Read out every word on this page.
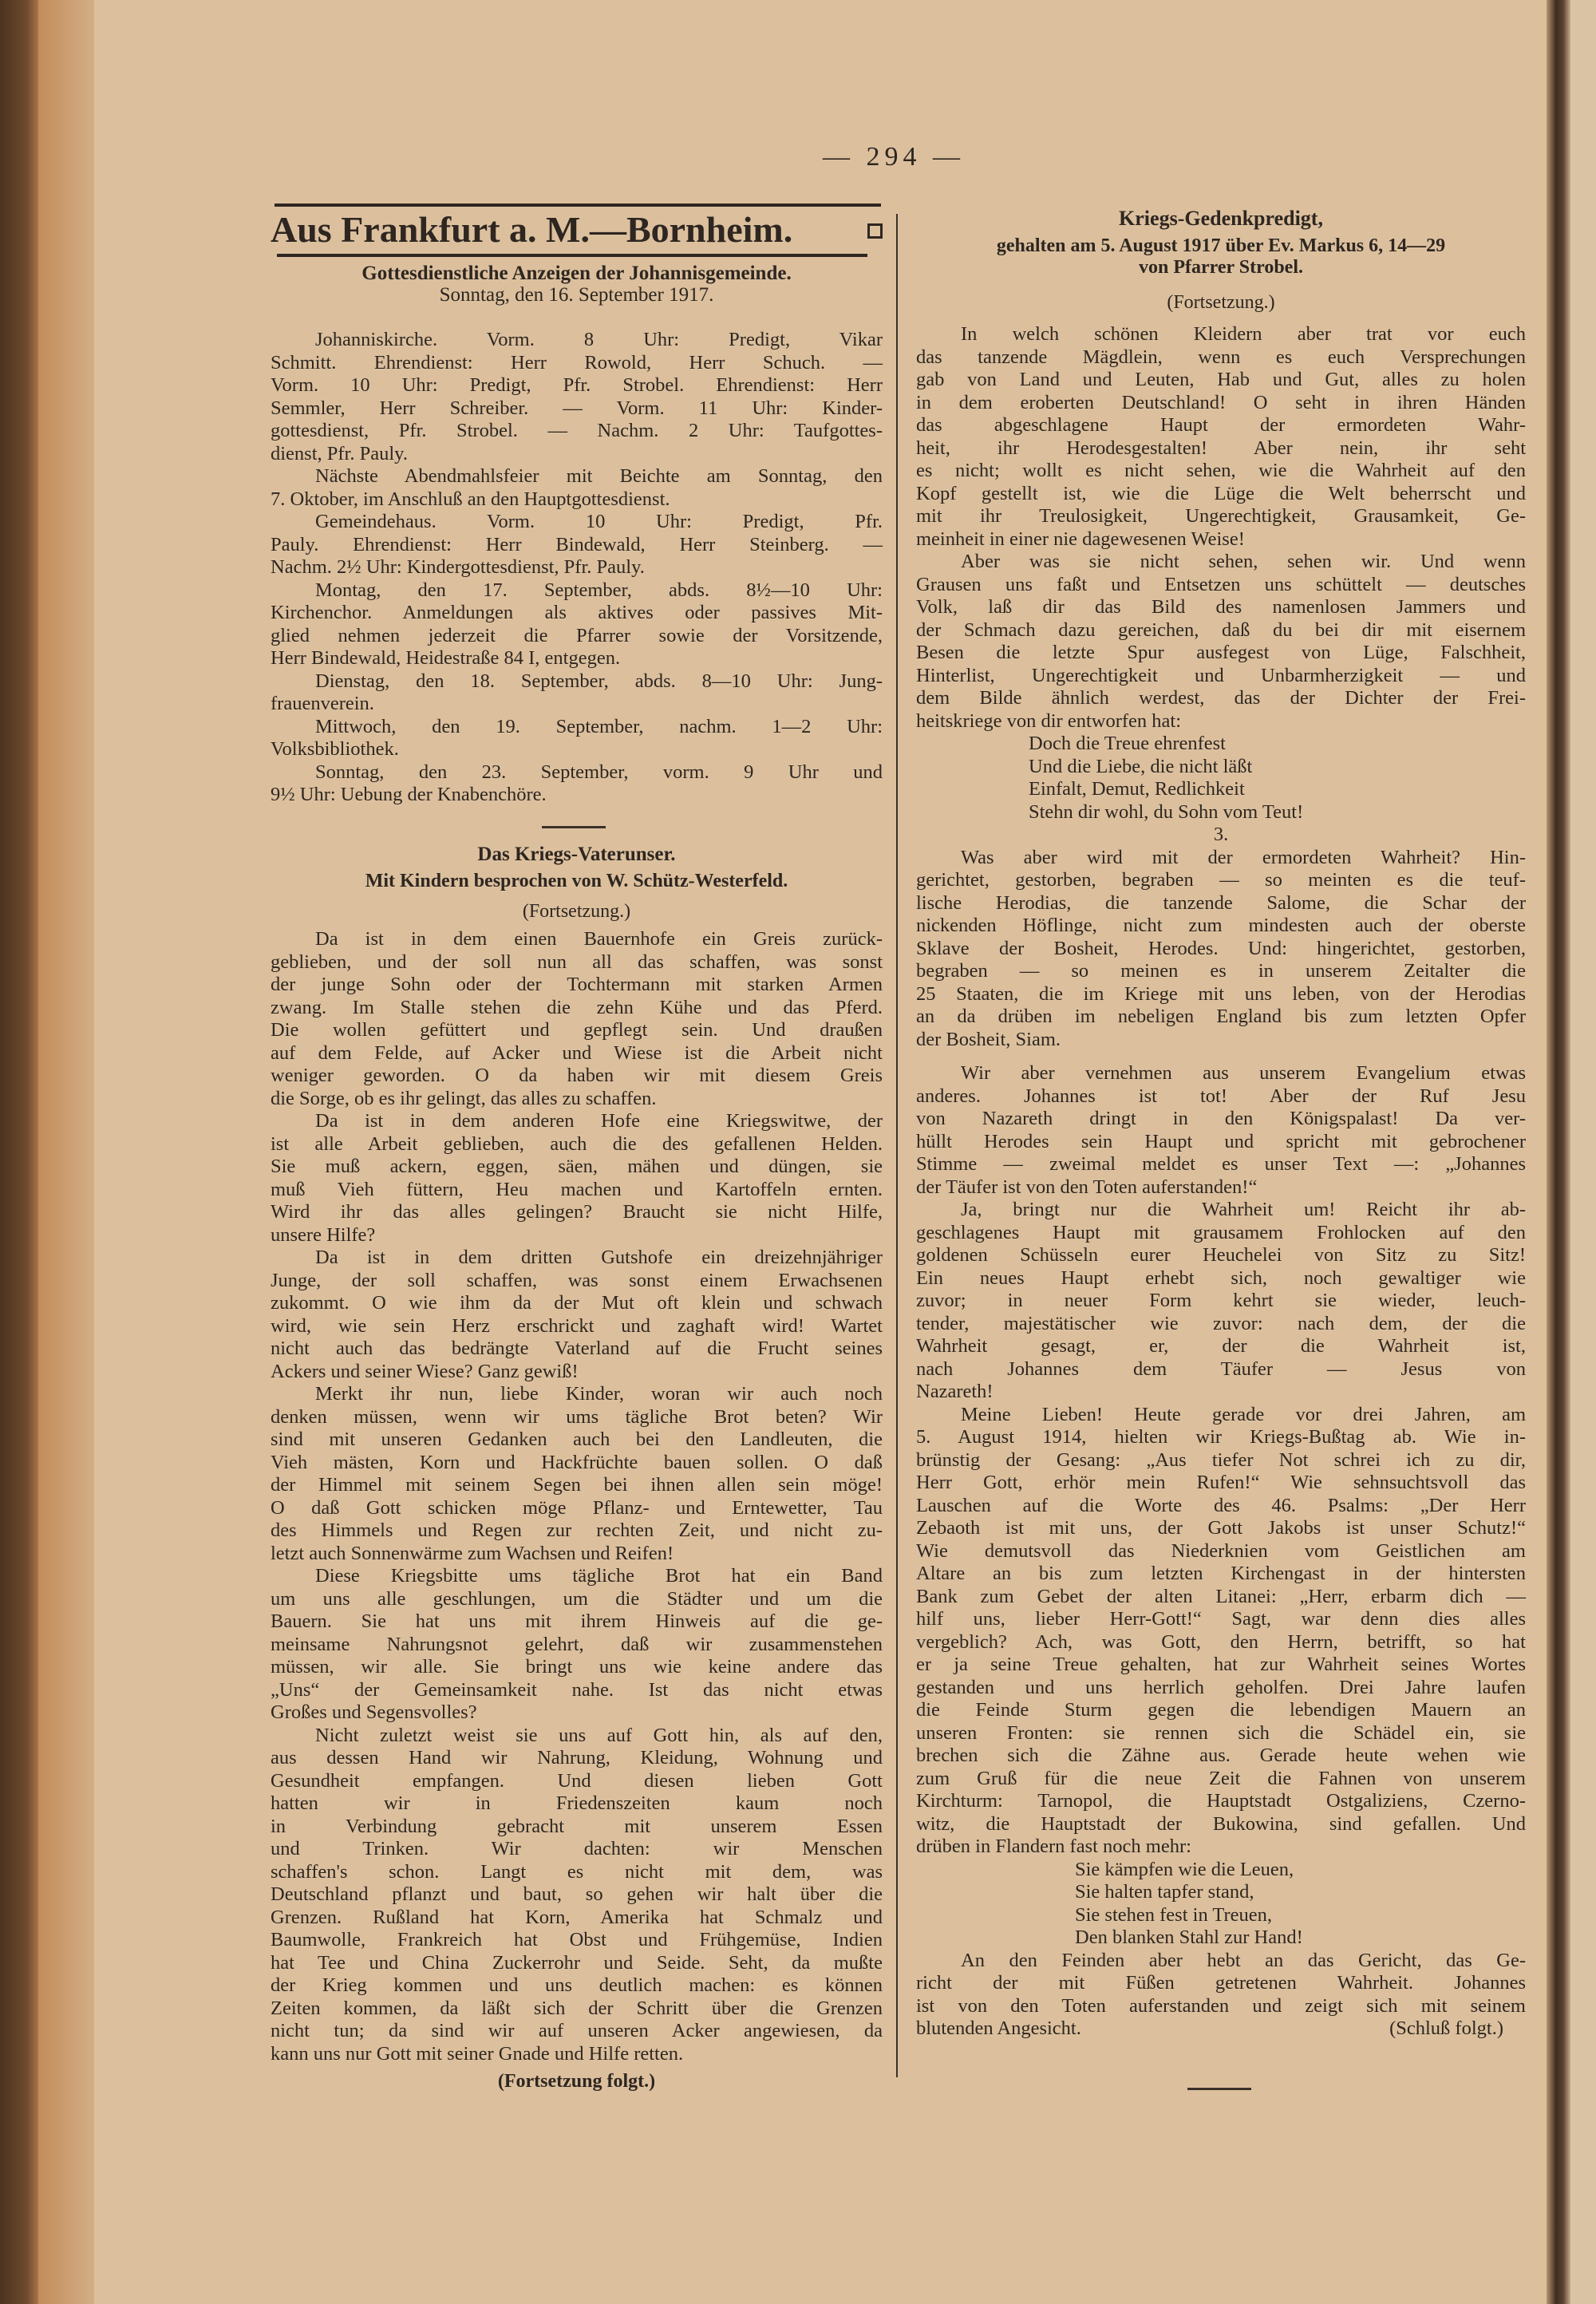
— 294 —
Aus Frankfurt a. M.—Bornheim.
Gottesdienstliche Anzeigen der Johannisgemeinde.
Sonntag, den 16. September 1917.
Johanniskirche. Vorm. 8 Uhr: Predigt, Vikar
Schmitt. Ehrendienst: Herr Rowold, Herr Schuch. —
Vorm. 10 Uhr: Predigt, Pfr. Strobel. Ehrendienst: Herr
Semmler, Herr Schreiber. — Vorm. 11 Uhr: Kinder-
gottesdienst, Pfr. Strobel. — Nachm. 2 Uhr: Taufgottes-
dienst, Pfr. Pauly.
Nächste Abendmahlsfeier mit Beichte am Sonntag, den
7. Oktober, im Anschluß an den Hauptgottesdienst.
Gemeindehaus. Vorm. 10 Uhr: Predigt, Pfr.
Pauly. Ehrendienst: Herr Bindewald, Herr Steinberg. —
Nachm. 2½ Uhr: Kindergottesdienst, Pfr. Pauly.
Montag, den 17. September, abds. 8½—10 Uhr:
Kirchenchor. Anmeldungen als aktives oder passives Mit-
glied nehmen jederzeit die Pfarrer sowie der Vorsitzende,
Herr Bindewald, Heidestraße 84 I, entgegen.
Dienstag, den 18. September, abds. 8—10 Uhr: Jung-
frauenverein.
Mittwoch, den 19. September, nachm. 1—2 Uhr:
Volksbibliothek.
Sonntag, den 23. September, vorm. 9 Uhr und
9½ Uhr: Uebung der Knabenchöre.
Das Kriegs-Vaterunser.
Mit Kindern besprochen von W. Schütz-Westerfeld.
(Fortsetzung.)
Da ist in dem einen Bauernhofe ein Greis zurück-
geblieben, und der soll nun all das schaffen, was sonst
der junge Sohn oder der Tochtermann mit starken Armen
zwang. Im Stalle stehen die zehn Kühe und das Pferd.
Die wollen gefüttert und gepflegt sein. Und draußen
auf dem Felde, auf Acker und Wiese ist die Arbeit nicht
weniger geworden. O da haben wir mit diesem Greis
die Sorge, ob es ihr gelingt, das alles zu schaffen.
Da ist in dem anderen Hofe eine Kriegswitwe, der
ist alle Arbeit geblieben, auch die des gefallenen Helden.
Sie muß ackern, eggen, säen, mähen und düngen, sie
muß Vieh füttern, Heu machen und Kartoffeln ernten.
Wird ihr das alles gelingen? Braucht sie nicht Hilfe,
unsere Hilfe?
Da ist in dem dritten Gutshofe ein dreizehnjähriger
Junge, der soll schaffen, was sonst einem Erwachsenen
zukommt. O wie ihm da der Mut oft klein und schwach
wird, wie sein Herz erschrickt und zaghaft wird! Wartet
nicht auch das bedrängte Vaterland auf die Frucht seines
Ackers und seiner Wiese? Ganz gewiß!
Merkt ihr nun, liebe Kinder, woran wir auch noch
denken müssen, wenn wir ums tägliche Brot beten? Wir
sind mit unseren Gedanken auch bei den Landleuten, die
Vieh mästen, Korn und Hackfrüchte bauen sollen. O daß
der Himmel mit seinem Segen bei ihnen allen sein möge!
O daß Gott schicken möge Pflanz- und Erntewetter, Tau
des Himmels und Regen zur rechten Zeit, und nicht zu-
letzt auch Sonnenwärme zum Wachsen und Reifen!
Diese Kriegsbitte ums tägliche Brot hat ein Band
um uns alle geschlungen, um die Städter und um die
Bauern. Sie hat uns mit ihrem Hinweis auf die ge-
meinsame Nahrungsnot gelehrt, daß wir zusammenstehen
müssen, wir alle. Sie bringt uns wie keine andere das
„Uns“ der Gemeinsamkeit nahe. Ist das nicht etwas
Großes und Segensvolles?
Nicht zuletzt weist sie uns auf Gott hin, als auf den,
aus dessen Hand wir Nahrung, Kleidung, Wohnung und
Gesundheit empfangen. Und diesen lieben Gott
hatten wir in Friedenszeiten kaum noch
in Verbindung gebracht mit unserem Essen
und Trinken. Wir dachten: wir Menschen
schaffen's schon. Langt es nicht mit dem, was
Deutschland pflanzt und baut, so gehen wir halt über die
Grenzen. Rußland hat Korn, Amerika hat Schmalz und
Baumwolle, Frankreich hat Obst und Frühgemüse, Indien
hat Tee und China Zuckerrohr und Seide. Seht, da mußte
der Krieg kommen und uns deutlich machen: es können
Zeiten kommen, da läßt sich der Schritt über die Grenzen
nicht tun; da sind wir auf unseren Acker angewiesen, da
kann uns nur Gott mit seiner Gnade und Hilfe retten.
(Fortsetzung folgt.)
Kriegs-Gedenkpredigt,
gehalten am 5. August 1917 über Ev. Markus 6, 14—29
von Pfarrer Strobel.
(Fortsetzung.)
In welch schönen Kleidern aber trat vor euch
das tanzende Mägdlein, wenn es euch Versprechungen
gab von Land und Leuten, Hab und Gut, alles zu holen
in dem eroberten Deutschland! O seht in ihren Händen
das abgeschlagene Haupt der ermordeten Wahr-
heit, ihr Herodesgestalten! Aber nein, ihr seht
es nicht; wollt es nicht sehen, wie die Wahrheit auf den
Kopf gestellt ist, wie die Lüge die Welt beherrscht und
mit ihr Treulosigkeit, Ungerechtigkeit, Grausamkeit, Ge-
meinheit in einer nie dagewesenen Weise!
Aber was sie nicht sehen, sehen wir. Und wenn
Grausen uns faßt und Entsetzen uns schüttelt — deutsches
Volk, laß dir das Bild des namenlosen Jammers und
der Schmach dazu gereichen, daß du bei dir mit eisernem
Besen die letzte Spur ausfegest von Lüge, Falschheit,
Hinterlist, Ungerechtigkeit und Unbarmherzigkeit — und
dem Bilde ähnlich werdest, das der Dichter der Frei-
heitskriege von dir entworfen hat:
Doch die Treue ehrenfest
Und die Liebe, die nicht läßt
Einfalt, Demut, Redlichkeit
Stehn dir wohl, du Sohn vom Teut!
3.
Was aber wird mit der ermordeten Wahrheit? Hin-
gerichtet, gestorben, begraben — so meinten es die teuf-
lische Herodias, die tanzende Salome, die Schar der
nickenden Höflinge, nicht zum mindesten auch der oberste
Sklave der Bosheit, Herodes. Und: hingerichtet, gestorben,
begraben — so meinen es in unserem Zeitalter die
25 Staaten, die im Kriege mit uns leben, von der Herodias
an da drüben im nebeligen England bis zum letzten Opfer
der Bosheit, Siam.
Wir aber vernehmen aus unserem Evangelium etwas
anderes. Johannes ist tot! Aber der Ruf Jesu
von Nazareth dringt in den Königspalast! Da ver-
hüllt Herodes sein Haupt und spricht mit gebrochener
Stimme — zweimal meldet es unser Text —: „Johannes
der Täufer ist von den Toten auferstanden!“
Ja, bringt nur die Wahrheit um! Reicht ihr ab-
geschlagenes Haupt mit grausamem Frohlocken auf den
goldenen Schüsseln eurer Heuchelei von Sitz zu Sitz!
Ein neues Haupt erhebt sich, noch gewaltiger wie
zuvor; in neuer Form kehrt sie wieder, leuch-
tender, majestätischer wie zuvor: nach dem, der die
Wahrheit gesagt, er, der die Wahrheit ist,
nach Johannes dem Täufer — Jesus von
Nazareth!
Meine Lieben! Heute gerade vor drei Jahren, am
5. August 1914, hielten wir Kriegs-Bußtag ab. Wie in-
brünstig der Gesang: „Aus tiefer Not schrei ich zu dir,
Herr Gott, erhör mein Rufen!“ Wie sehnsuchtsvoll das
Lauschen auf die Worte des 46. Psalms: „Der Herr
Zebaoth ist mit uns, der Gott Jakobs ist unser Schutz!“
Wie demutsvoll das Niederknien vom Geistlichen am
Altare an bis zum letzten Kirchengast in der hintersten
Bank zum Gebet der alten Litanei: „Herr, erbarm dich —
hilf uns, lieber Herr-Gott!“ Sagt, war denn dies alles
vergeblich? Ach, was Gott, den Herrn, betrifft, so hat
er ja seine Treue gehalten, hat zur Wahrheit seines Wortes
gestanden und uns herrlich geholfen. Drei Jahre laufen
die Feinde Sturm gegen die lebendigen Mauern an
unseren Fronten: sie rennen sich die Schädel ein, sie
brechen sich die Zähne aus. Gerade heute wehen wie
zum Gruß für die neue Zeit die Fahnen von unserem
Kirchturm: Tarnopol, die Hauptstadt Ostgaliziens, Czerno-
witz, die Hauptstadt der Bukowina, sind gefallen. Und
drüben in Flandern fast noch mehr:
Sie kämpfen wie die Leuen,
Sie halten tapfer stand,
Sie stehen fest in Treuen,
Den blanken Stahl zur Hand!
An den Feinden aber hebt an das Gericht, das Ge-
richt der mit Füßen getretenen Wahrheit. Johannes
ist von den Toten auferstanden und zeigt sich mit seinem
blutenden Angesicht.	(Schluß folgt.)
